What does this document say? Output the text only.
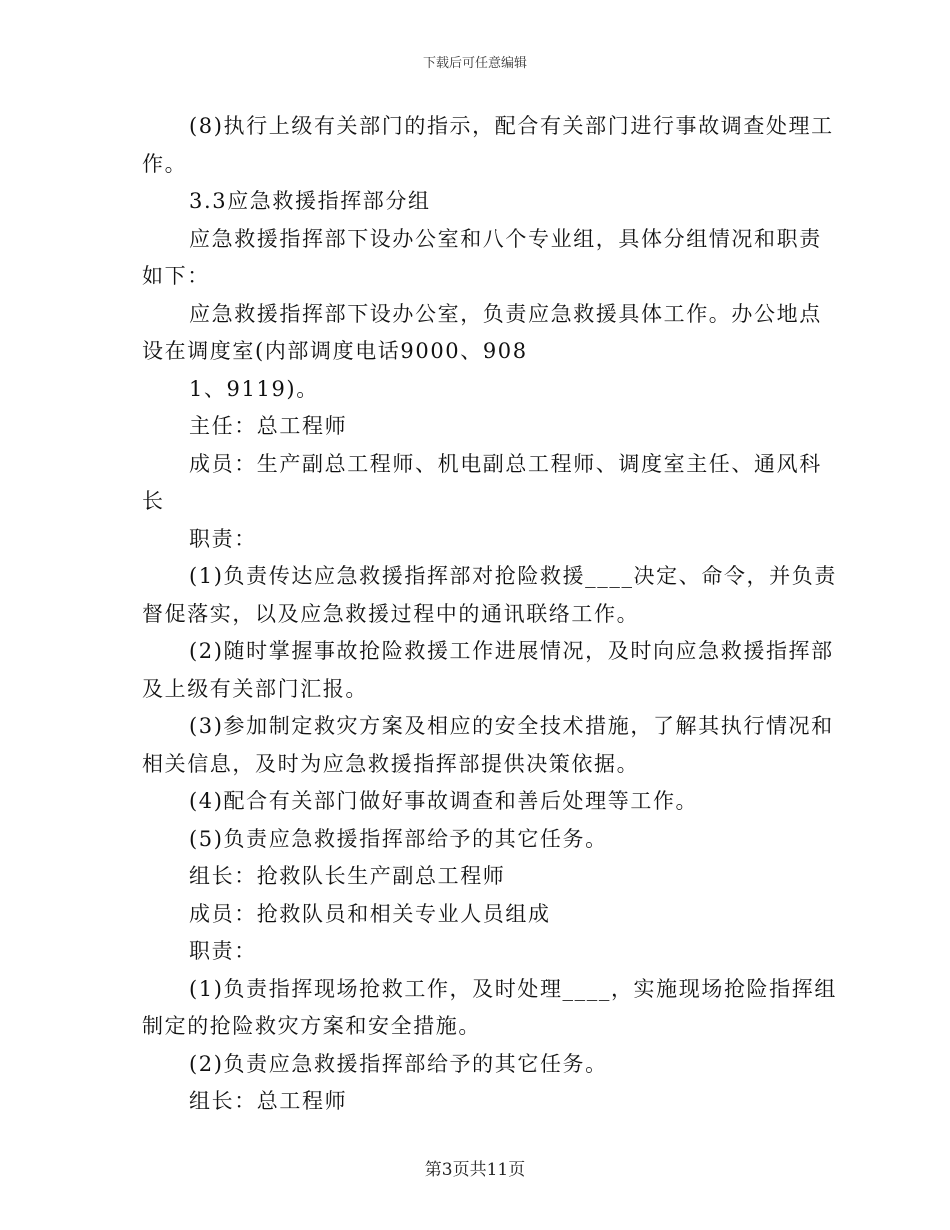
下载后可任意编辑

(8)执行上级有关部门的指示，配合有关部门进行事故调查处理工

作。

3.3应急救援指挥部分组

应急救援指挥部下设办公室和八个专业组，具体分组情况和职责

如下：

应急救援指挥部下设办公室，负责应急救援具体工作。办公地点

设在调度室(内部调度电话9000、908

1、9119)。

主任：总工程师

成员：生产副总工程师、机电副总工程师、调度室主任、通风科

长

职责：

(1)负责传达应急救援指挥部对抢险救援____决定、命令，并负责

督促落实，以及应急救援过程中的通讯联络工作。

(2)随时掌握事故抢险救援工作进展情况，及时向应急救援指挥部

及上级有关部门汇报。

(3)参加制定救灾方案及相应的安全技术措施，了解其执行情况和

相关信息，及时为应急救援指挥部提供决策依据。

(4)配合有关部门做好事故调查和善后处理等工作。

(5)负责应急救援指挥部给予的其它任务。

组长：抢救队长生产副总工程师

成员：抢救队员和相关专业人员组成

职责：

(1)负责指挥现场抢救工作，及时处理____，实施现场抢险指挥组

制定的抢险救灾方案和安全措施。

(2)负责应急救援指挥部给予的其它任务。

组长：总工程师

第3页共11页
